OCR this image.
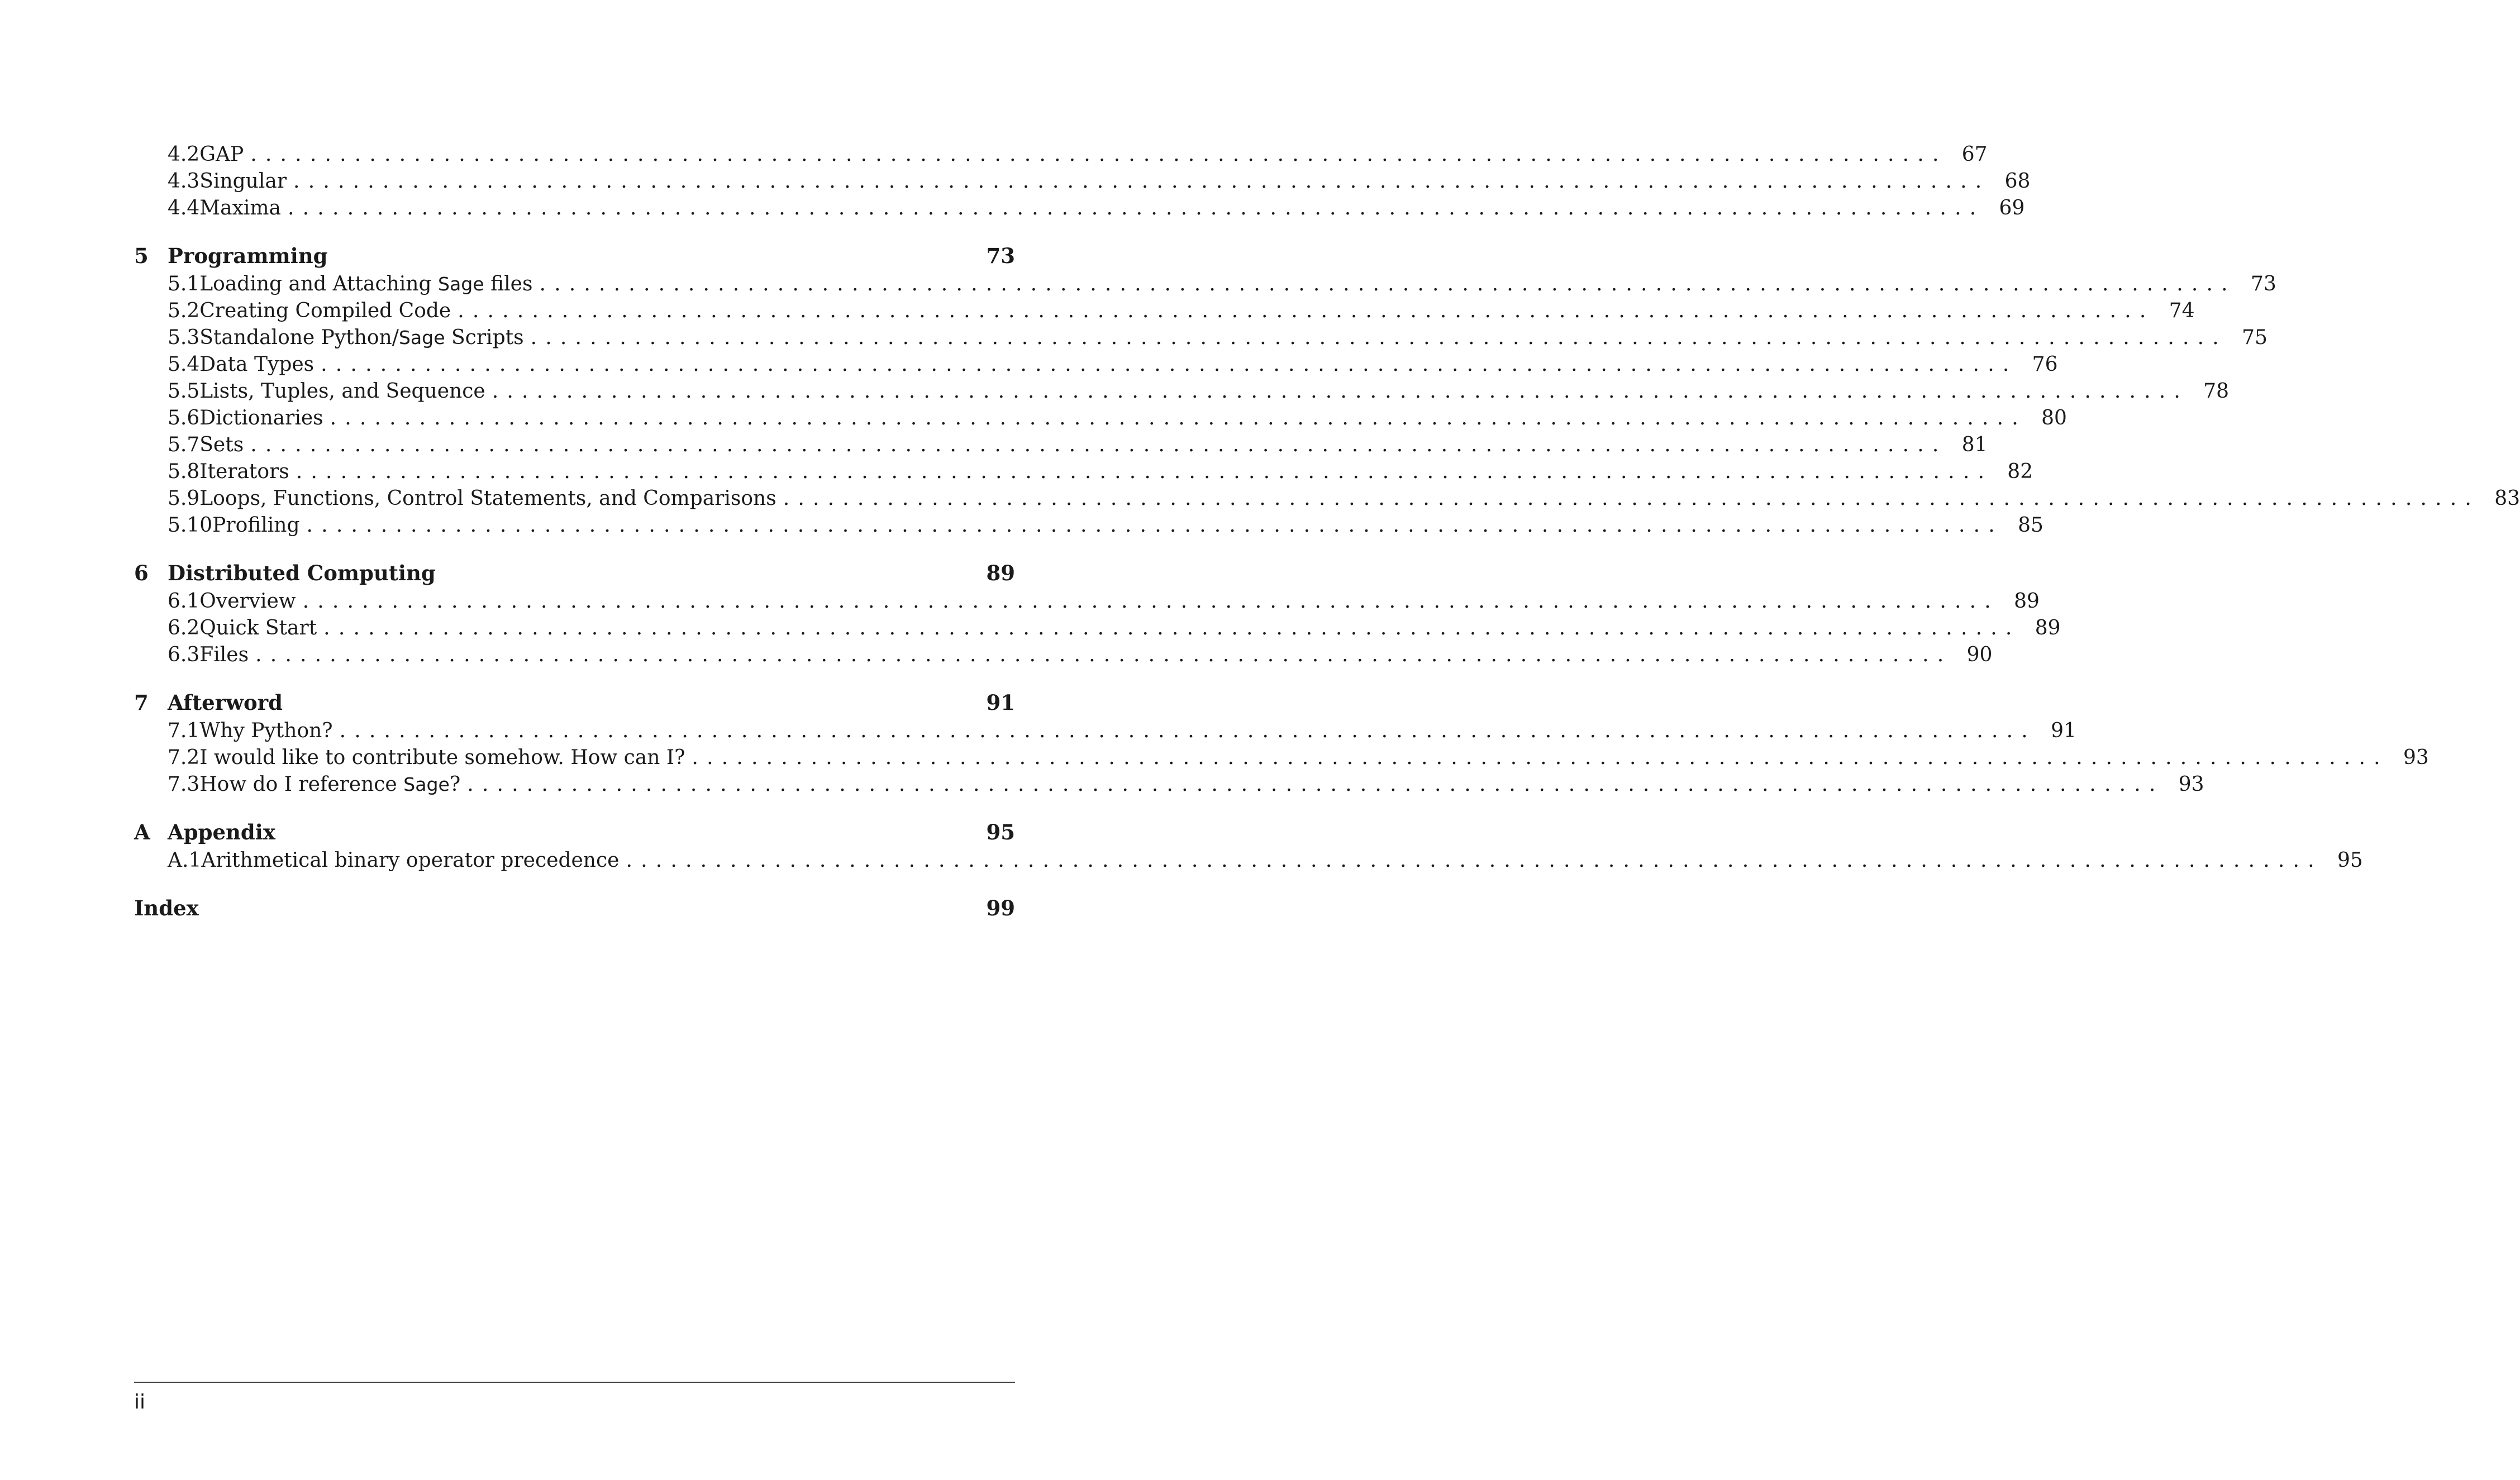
4.2 GAP .................................................................................................................. 67
4.3 Singular .................................................................................................................. 68
4.4 Maxima .................................................................................................................. 69
5 Programming	73
5.1 Loading and Attaching Sage files .................................................................................................................. 73
5.2 Creating Compiled Code .................................................................................................................. 74
5.3 Standalone Python/Sage Scripts .................................................................................................................. 75
5.4 Data Types .................................................................................................................. 76
5.5 Lists, Tuples, and Sequence .................................................................................................................. 78
5.6 Dictionaries .................................................................................................................. 80
5.7 Sets .................................................................................................................. 81
5.8 Iterators .................................................................................................................. 82
5.9 Loops, Functions, Control Statements, and Comparisons .................................................................................................................. 83
5.10 Profiling .................................................................................................................. 85
6 Distributed Computing	89
6.1 Overview .................................................................................................................. 89
6.2 Quick Start .................................................................................................................. 89
6.3 Files .................................................................................................................. 90
7 Afterword	91
7.1 Why Python? .................................................................................................................. 91
7.2 I would like to contribute somehow. How can I? .................................................................................................................. 93
7.3 How do I reference Sage? .................................................................................................................. 93
A Appendix	95
A.1 Arithmetical binary operator precedence .................................................................................................................. 95
Index	99
ii
